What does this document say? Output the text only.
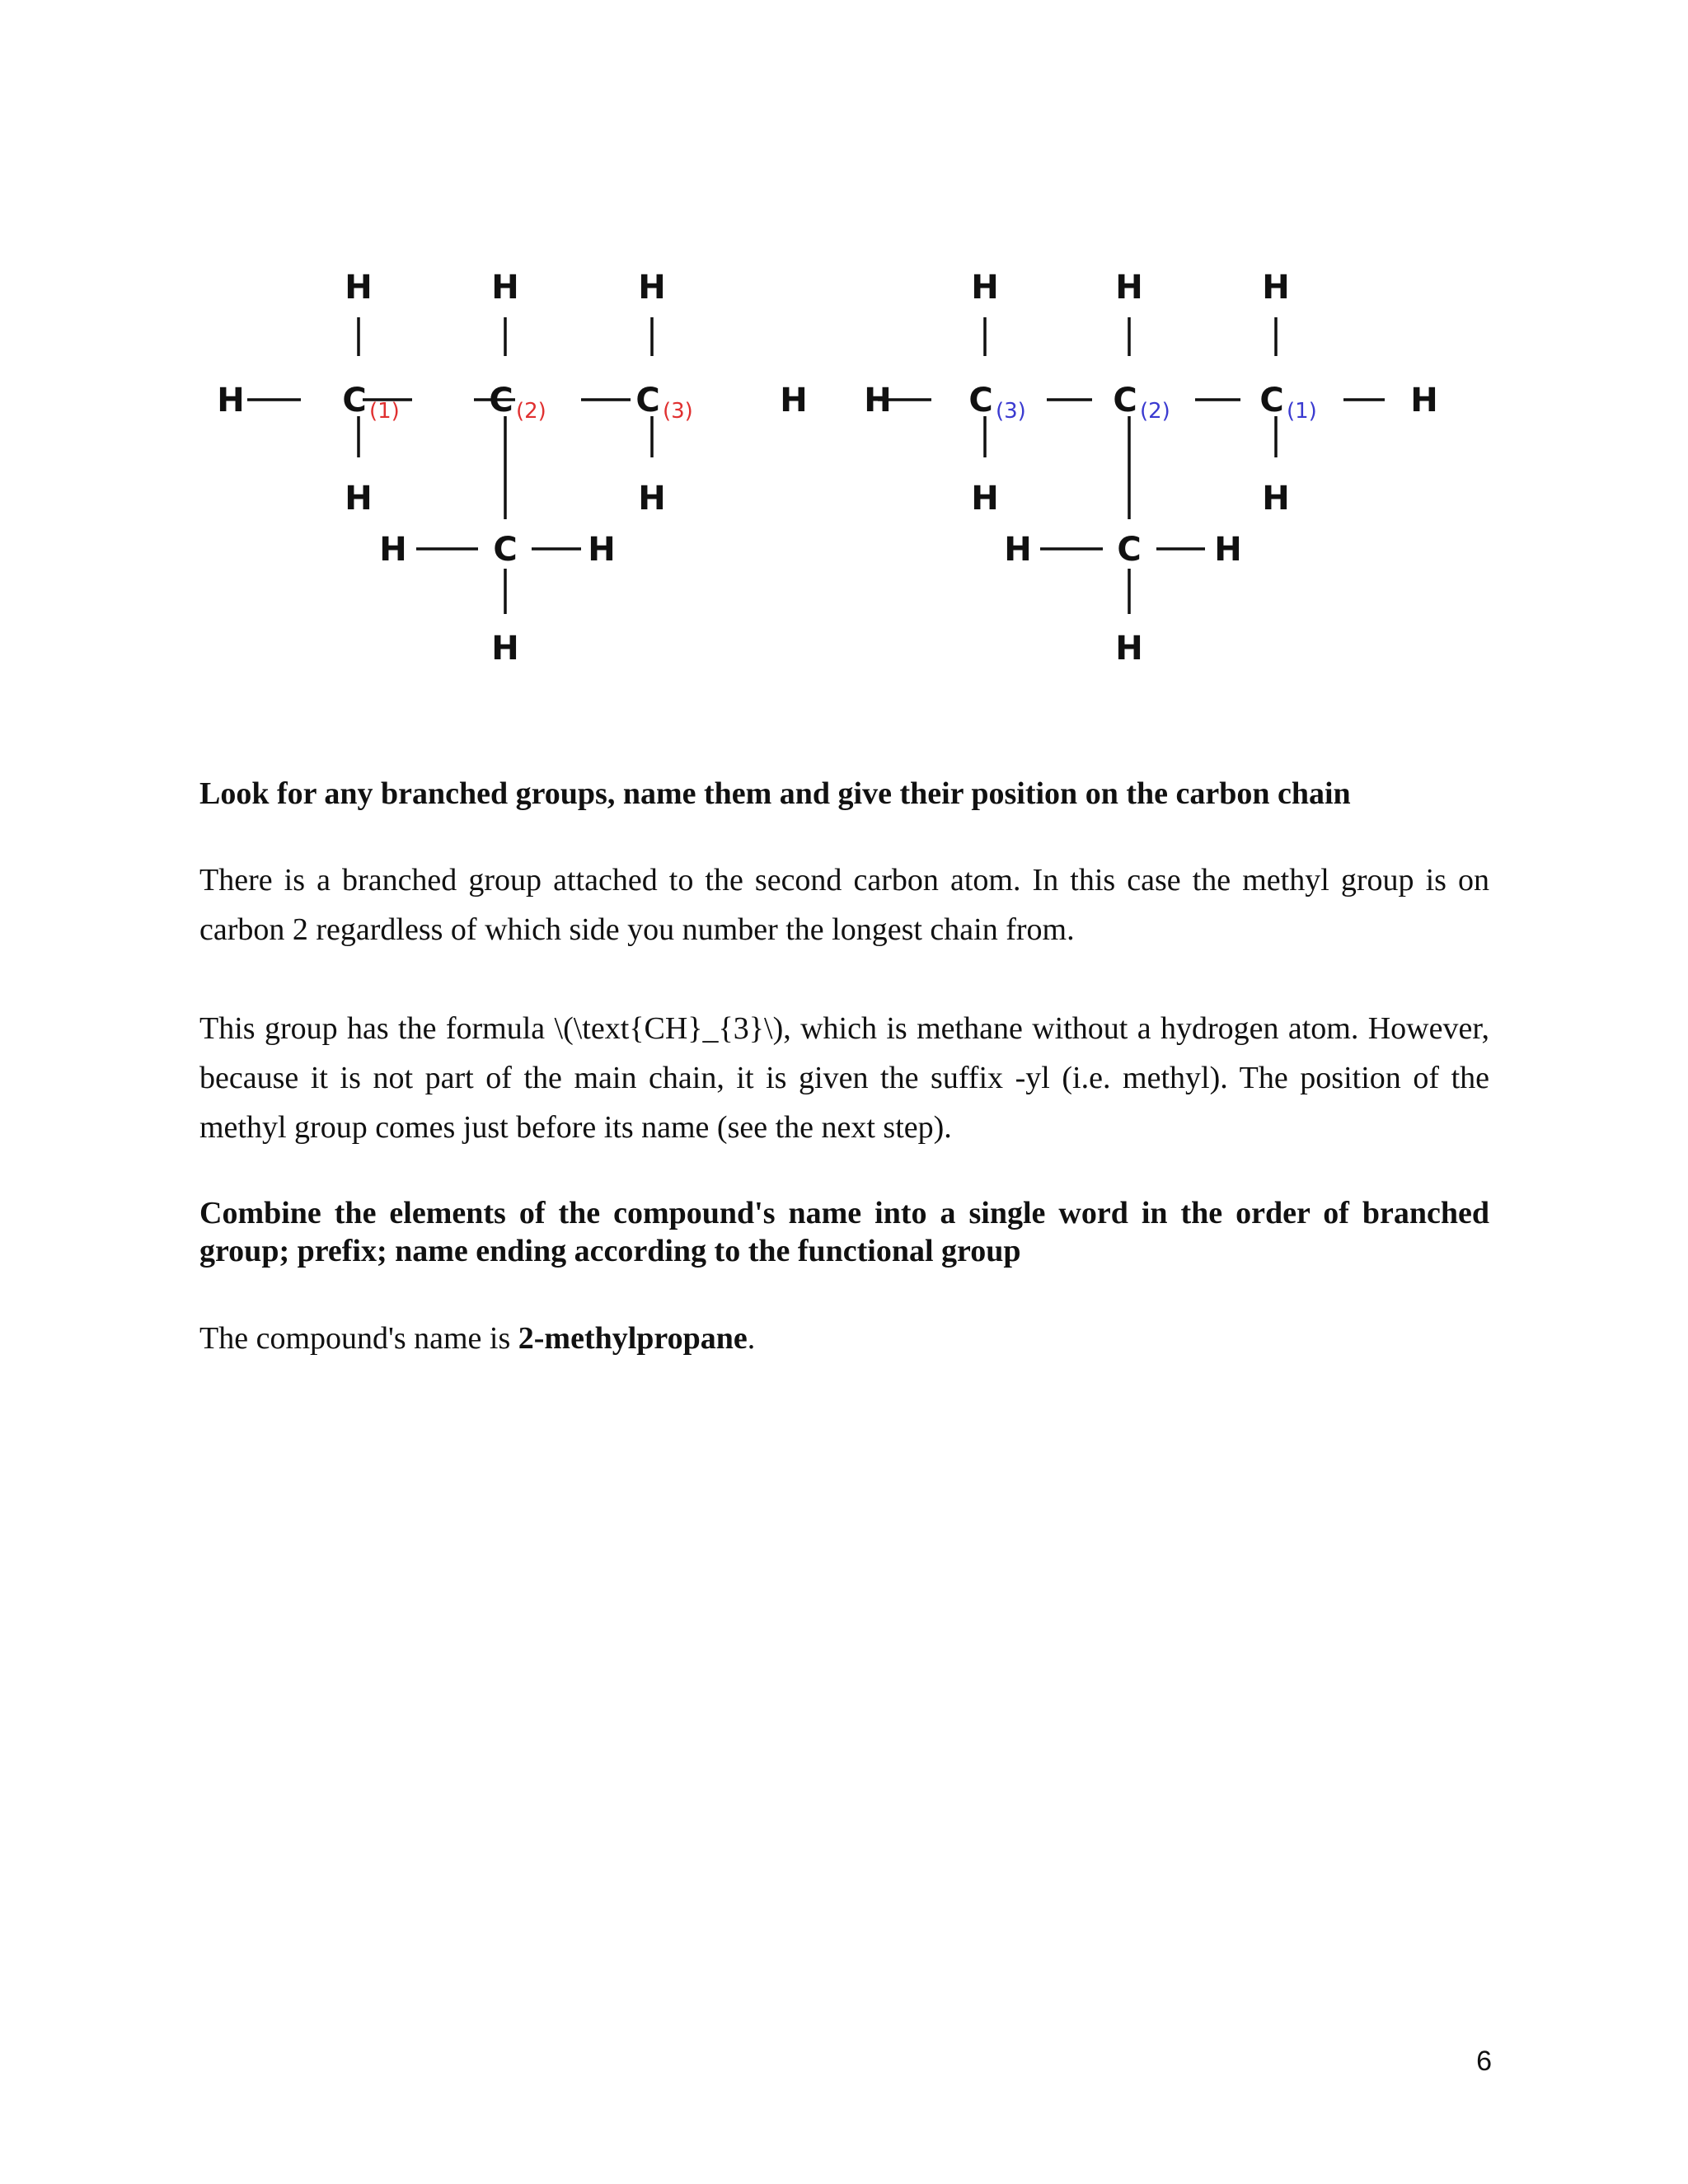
H	H	H
H	C (1)	C (2)	C (3)	H
H	H
H	C H
H
H	H	H
H C (3)	C (2)	C (1)	H
H	H
H	C H
H

Look for any branched groups, name them and give their position on the carbon chain

There is a branched group attached to the second carbon atom. In this case the methyl group is on carbon 2 regardless of which side you number the longest chain from.

This group has the formula \(\text{CH}_{3}\), which is methane without a hydrogen atom. However, because it is not part of the main chain, it is given the suffix -yl (i.e. methyl). The position of the methyl group comes just before its name (see the next step).

Combine the elements of the compound's name into a single word in the order of branched group; prefix; name ending according to the functional group

The compound's name is 2-methylpropane.

6
